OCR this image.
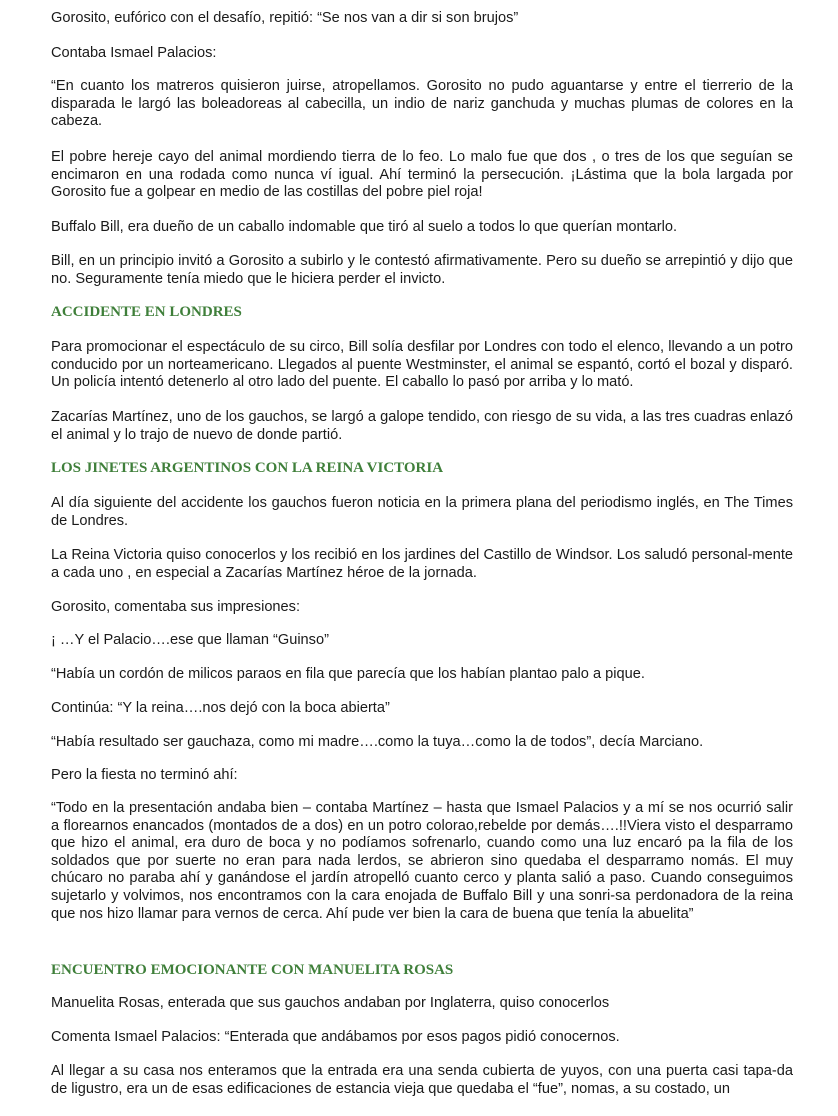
Gorosito, eufórico con el desafío, repitió: “Se nos van a dir si son brujos”

Contaba Ismael Palacios:

“En cuanto los matreros quisieron juirse, atropellamos. Gorosito no pudo aguantarse y entre el tierrerio de la disparada le largó las boleadoreas al cabecilla, un indio de nariz ganchuda y muchas plumas de colores en la cabeza.

El pobre hereje cayo del animal mordiendo tierra de lo feo. Lo malo fue que dos , o tres de los que seguían se encimaron en una rodada como nunca ví igual. Ahí terminó la persecución. ¡Lástima que la bola largada por Gorosito fue a golpear en medio de las costillas del pobre piel roja!

Buffalo Bill, era dueño de un caballo indomable que tiró al suelo a todos lo que querían montarlo.

Bill, en un principio invitó a Gorosito a subirlo y le contestó afirmativamente. Pero su dueño se arrepintió y dijo que no. Seguramente tenía miedo que le hiciera perder el invicto.

ACCIDENTE EN LONDRES

Para promocionar el espectáculo de su circo, Bill solía desfilar por Londres con todo el elenco, llevando a un potro conducido por un norteamericano. Llegados al puente Westminster, el animal se espantó, cortó el bozal y disparó. Un policía intentó detenerlo al otro lado del puente. El caballo lo pasó por arriba y lo mató.

Zacarías Martínez, uno de los gauchos, se largó a galope tendido, con riesgo de su vida, a las tres cuadras enlazó el animal y lo trajo de nuevo de donde partió.

LOS JINETES ARGENTINOS CON LA REINA VICTORIA

Al día siguiente del accidente los gauchos fueron noticia en la primera plana del periodismo inglés, en The Times de Londres.

La Reina Victoria quiso conocerlos y los recibió en los jardines del Castillo de Windsor. Los saludó personal-mente a cada uno , en especial a Zacarías Martínez héroe de la jornada.

Gorosito, comentaba sus impresiones:

¡ …Y el Palacio….ese que llaman “Guinso”

“Había un cordón de milicos paraos en fila que parecía que los habían plantao palo a pique.

Continúa: “Y la reina….nos dejó con la boca abierta”

“Había resultado ser gauchaza, como mi madre….como la tuya…como la de todos”, decía Marciano.

Pero la fiesta no terminó ahí:

“Todo en la presentación andaba bien – contaba Martínez – hasta que Ismael Palacios y a mí se nos ocurrió salir a florearnos enancados (montados de a dos) en un potro colorao,rebelde por demás….!!Viera visto el desparramo que hizo el animal, era duro de boca y no podíamos sofrenarlo, cuando como una luz encaró pa la fila de los soldados que por suerte no eran para nada lerdos, se abrieron sino quedaba el desparramo nomás. El muy chúcaro no paraba ahí y ganándose el jardín atropelló cuanto cerco y planta salió a paso. Cuando conseguimos sujetarlo y volvimos, nos encontramos con la cara enojada de Buffalo Bill y una sonri-sa perdonadora de la reina que nos hizo llamar para vernos de cerca. Ahí pude ver bien la cara de buena que tenía la abuelita”

ENCUENTRO EMOCIONANTE CON MANUELITA ROSAS

Manuelita Rosas, enterada que sus gauchos andaban por Inglaterra, quiso conocerlos

Comenta Ismael Palacios: “Enterada que andábamos por esos pagos pidió conocernos.

Al llegar a su casa nos enteramos que la entrada era una senda cubierta de yuyos, con una puerta casi tapa-da de ligustro, era un de esas edificaciones de estancia vieja que quedaba el “fue”, nomas, a su costado, un
